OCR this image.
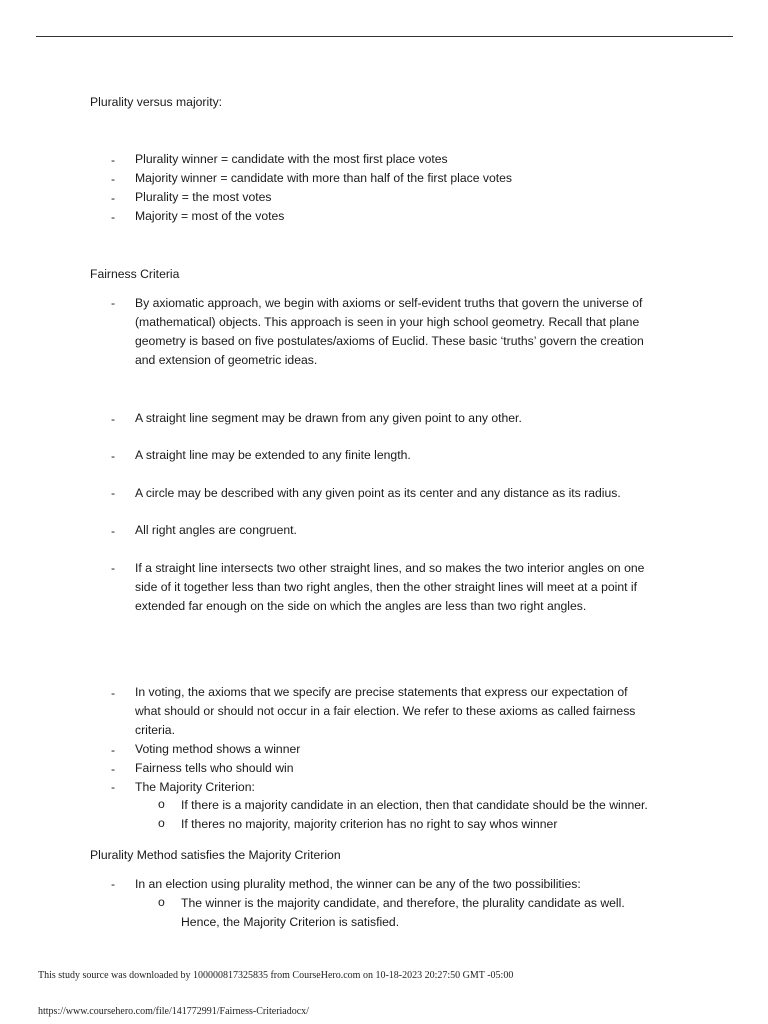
Plurality versus majority:
- Plurality winner = candidate with the most first place votes
- Majority winner = candidate with more than half of the first place votes
- Plurality = the most votes
- Majority = most of the votes
Fairness Criteria
- By axiomatic approach, we begin with axioms or self-evident truths that govern the universe of
(mathematical) objects. This approach is seen in your high school geometry. Recall that plane
geometry is based on five postulates/axioms of Euclid. These basic ‘truths’ govern the creation
and extension of geometric ideas.
- A straight line segment may be drawn from any given point to any other.
- A straight line may be extended to any finite length.
- A circle may be described with any given point as its center and any distance as its radius.
- All right angles are congruent.
- If a straight line intersects two other straight lines, and so makes the two interior angles on one
side of it together less than two right angles, then the other straight lines will meet at a point if
extended far enough on the side on which the angles are less than two right angles.
- In voting, the axioms that we specify are precise statements that express our expectation of
what should or should not occur in a fair election. We refer to these axioms as called fairness
criteria.
- Voting method shows a winner
- Fairness tells who should win
- The Majority Criterion:
o If there is a majority candidate in an election, then that candidate should be the winner.
o If theres no majority, majority criterion has no right to say whos winner
Plurality Method satisfies the Majority Criterion
- In an election using plurality method, the winner can be any of the two possibilities:
o The winner is the majority candidate, and therefore, the plurality candidate as well.
Hence, the Majority Criterion is satisfied.
This study source was downloaded by 100000817325835 from CourseHero.com on 10-18-2023 20:27:50 GMT -05:00
https://www.coursehero.com/file/141772991/Fairness-Criteriadocx/
